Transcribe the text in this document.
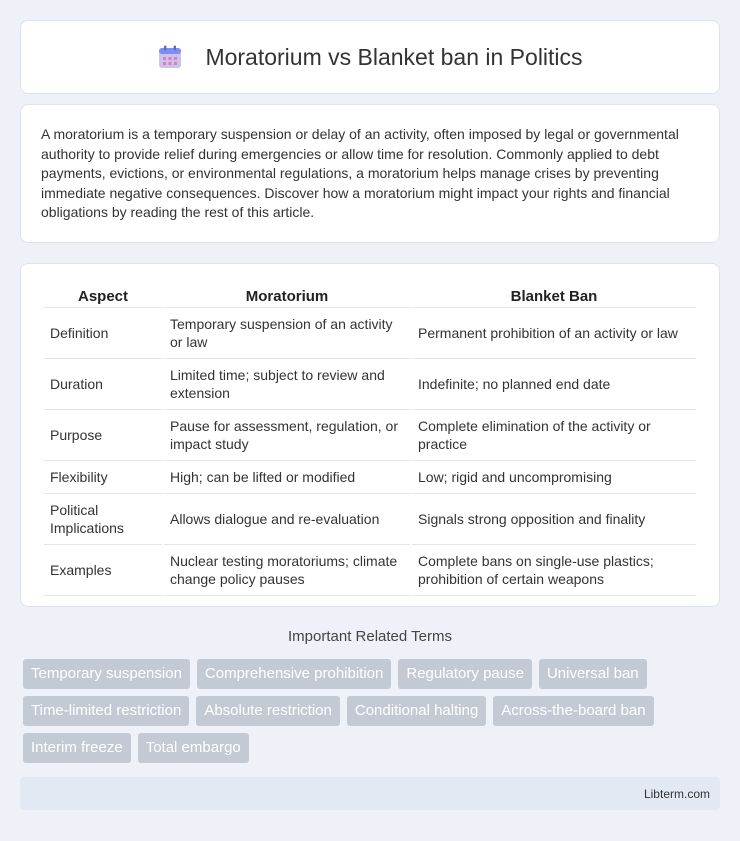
Moratorium vs Blanket ban in Politics

A moratorium is a temporary suspension or delay of an activity, often imposed by legal or governmental authority to provide relief during emergencies or allow time for resolution. Commonly applied to debt payments, evictions, or environmental regulations, a moratorium helps manage crises by preventing immediate negative consequences. Discover how a moratorium might impact your rights and financial obligations by reading the rest of this article.

Aspect	Moratorium	Blanket Ban
Definition	Temporary suspension of an activity or law	Permanent prohibition of an activity or law
Duration	Limited time; subject to review and extension	Indefinite; no planned end date
Purpose	Pause for assessment, regulation, or impact study	Complete elimination of the activity or practice
Flexibility	High; can be lifted or modified	Low; rigid and uncompromising
Political Implications	Allows dialogue and re-evaluation	Signals strong opposition and finality
Examples	Nuclear testing moratoriums; climate change policy pauses	Complete bans on single-use plastics; prohibition of certain weapons
Important Related Terms
Temporary suspension	Comprehensive prohibition	Regulatory pause	Universal ban
Time-limited restriction	Absolute restriction	Conditional halting	Across-the-board ban
Interim freeze	Total embargo
Libterm.com
